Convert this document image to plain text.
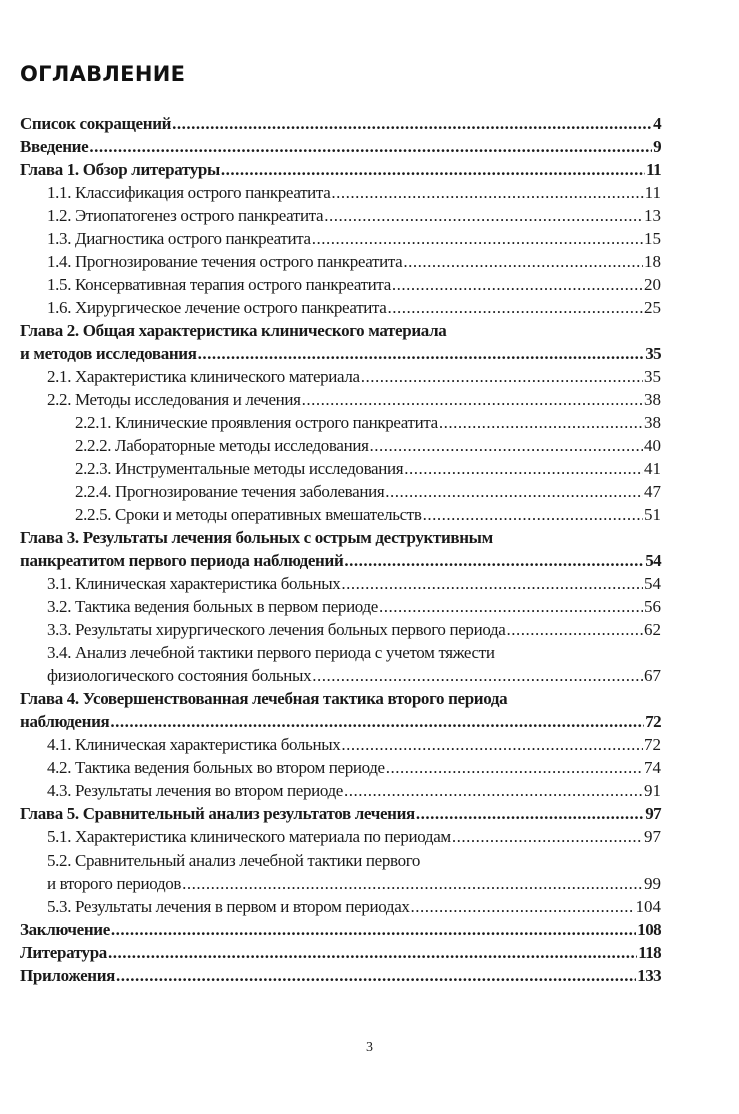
ОГЛАВЛЕНИЕ
Список сокращений .....	4
Введение .....	9
Глава 1. Обзор литературы .....	11
1.1. Классификация острого панкреатита .....	11
1.2. Этиопатогенез острого панкреатита .....	13
1.3. Диагностика острого панкреатита .....	15
1.4. Прогнозирование течения острого панкреатита .....	18
1.5. Консервативная терапия острого панкреатита .....	20
1.6. Хирургическое лечение острого панкреатита .....	25
Глава 2. Общая характеристика клинического материала
и методов исследования .....	35
2.1. Характеристика клинического материала .....	35
2.2. Методы исследования и лечения .....	38
2.2.1. Клинические проявления острого панкреатита .....	38
2.2.2. Лабораторные методы исследования .....	40
2.2.3. Инструментальные методы исследования .....	41
2.2.4. Прогнозирование течения заболевания .....	47
2.2.5. Сроки и методы оперативных вмешательств .....	51
Глава 3. Результаты лечения больных с острым деструктивным
панкреатитом первого периода наблюдений .....	54
3.1. Клиническая характеристика больных .....	54
3.2. Тактика ведения больных в первом периоде .....	56
3.3. Результаты хирургического лечения больных первого периода .....	62
3.4. Анализ лечебной тактики первого периода с учетом тяжести
физиологического состояния больных .....	67
Глава 4. Усовершенствованная лечебная тактика второго периода
наблюдения .....	72
4.1. Клиническая характеристика больных .....	72
4.2. Тактика ведения больных во втором периоде .....	74
4.3. Результаты лечения во втором периоде .....	91
Глава 5. Сравнительный анализ результатов лечения .....	97
5.1. Характеристика клинического материала по периодам .....	97
5.2. Сравнительный анализ лечебной тактики первого
и второго периодов .....	99
5.3. Результаты лечения в первом и втором периодах .....	104
Заключение .....	108
Литература .....	118
Приложения .....	133
3
